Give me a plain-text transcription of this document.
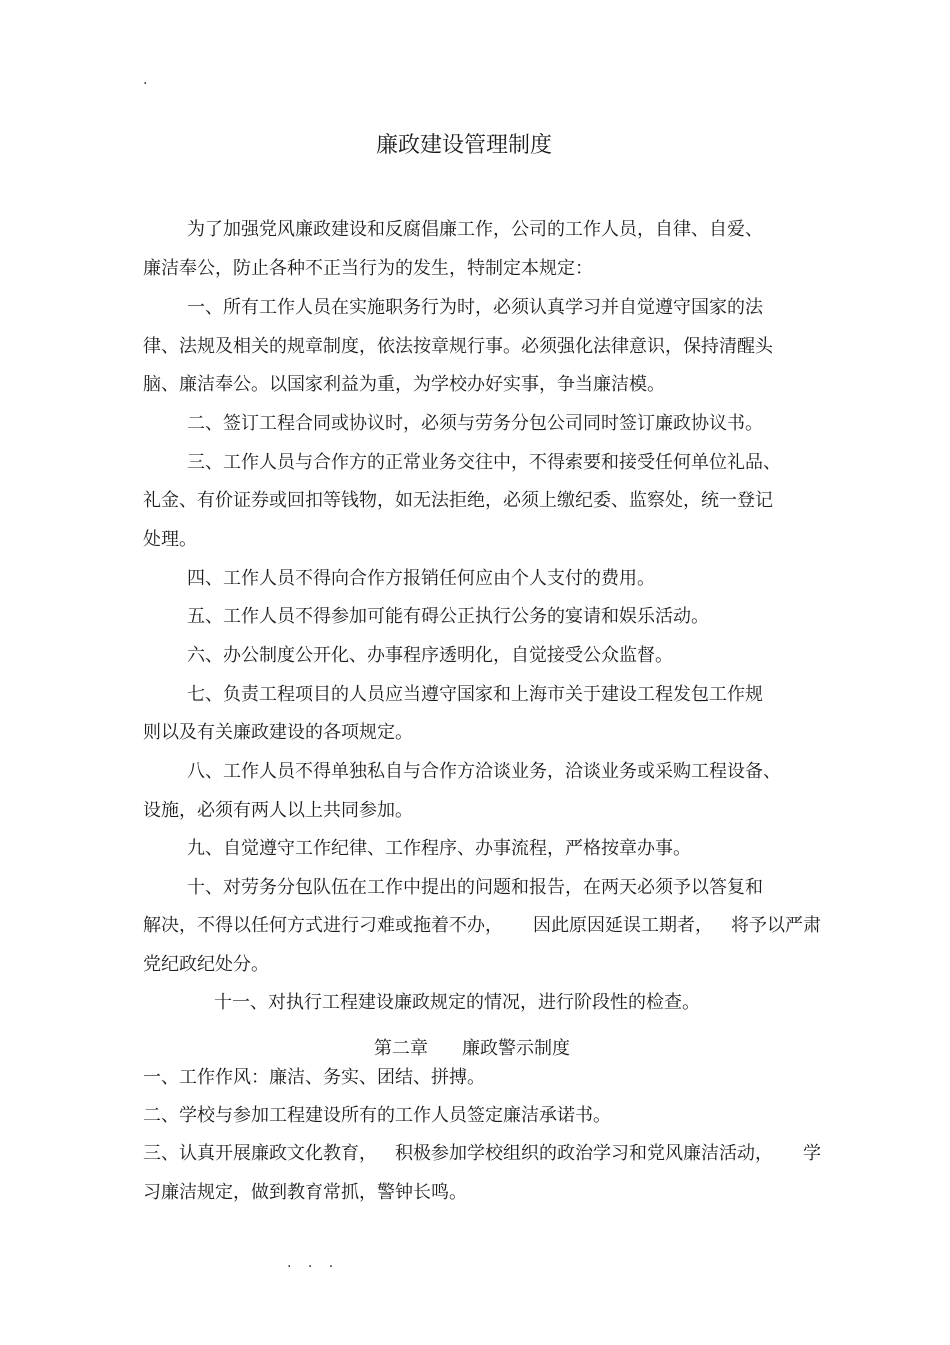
.
廉政建设管理制度
为了加强党风廉政建设和反腐倡廉工作，公司的工作人员，自律、自爱、
廉洁奉公，防止各种不正当行为的发生，特制定本规定：
一、所有工作人员在实施职务行为时，必须认真学习并自觉遵守国家的法
律、法规及相关的规章制度，依法按章规行事。必须强化法律意识，保持清醒头
脑、廉洁奉公。以国家利益为重，为学校办好实事，争当廉洁模。
二、签订工程合同或协议时，必须与劳务分包公司同时签订廉政协议书。
三、工作人员与合作方的正常业务交往中，不得索要和接受任何单位礼品、
礼金、有价证券或回扣等钱物，如无法拒绝，必须上缴纪委、监察处，统一登记
处理。
四、工作人员不得向合作方报销任何应由个人支付的费用。
五、工作人员不得参加可能有碍公正执行公务的宴请和娱乐活动。
六、办公制度公开化、办事程序透明化，自觉接受公众监督。
七、负责工程项目的人员应当遵守国家和上海市关于建设工程发包工作规
则以及有关廉政建设的各项规定。
八、工作人员不得单独私自与合作方洽谈业务，洽谈业务或采购工程设备、
设施，必须有两人以上共同参加。
九、自觉遵守工作纪律、工作程序、办事流程，严格按章办事。
十、对劳务分包队伍在工作中提出的问题和报告，在两天必须予以答复和
解决，不得以任何方式进行刁难或拖着不办， 因此原因延误工期者， 将予以严肃
党纪政纪处分。
十一、对执行工程建设廉政规定的情况，进行阶段性的检查。
第二章 廉政警示制度
一、工作作风：廉洁、务实、团结、拼搏。
二、学校与参加工程建设所有的工作人员签定廉洁承诺书。
三、认真开展廉政文化教育， 积极参加学校组织的政治学习和党风廉洁活动， 学
习廉洁规定，做到教育常抓，警钟长鸣。
. . .
